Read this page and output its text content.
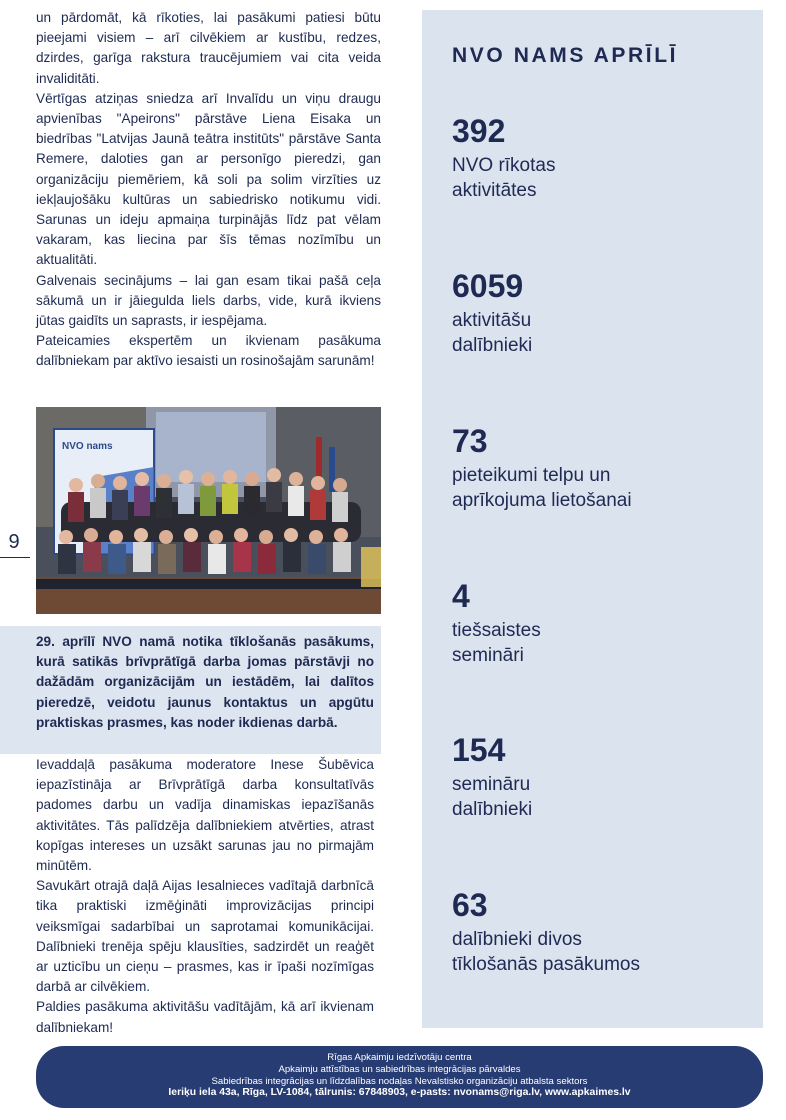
un pārdomāt, kā rīkoties, lai pasākumi patiesi būtu pieejami visiem – arī cilvēkiem ar kustību, redzes, dzirdes, garīga rakstura traucējumiem vai cita veida invaliditāti.

Vērtīgas atziņas sniedza arī Invalīdu un viņu draugu apvienības "Apeirons" pārstāve Liena Eisaka un biedrības "Latvijas Jaunā teātra institūts" pārstāve Santa Remere, daloties gan ar personīgo pieredzi, gan organizāciju piemēriem, kā soli pa solim virzīties uz iekļaujošāku kultūras un sabiedrisko notikumu vidi. Sarunas un ideju apmaiņa turpinājās līdz pat vēlam vakaram, kas liecina par šīs tēmas nozīmību un aktualitāti.

Galvenais secinājums – lai gan esam tikai pašā ceļa sākumā un ir jāiegulda liels darbs, vide, kurā ikviens jūtas gaidīts un saprasts, ir iespējama.

Pateicamies ekspertēm un ikvienam pasākuma dalībniekam par aktīvo iesaisti un rosinošajām sarunām!

NVO nams
9

29. aprīlī NVO namā notika tīklošanās pasākums, kurā satikās brīvprātīgā darba jomas pārstāvji no dažādām organizācijām un iestādēm, lai dalītos pieredzē, veidotu jaunus kontaktus un apgūtu praktiskas prasmes, kas noder ikdienas darbā.

Ievaddaļā pasākuma moderatore Inese Šubēvica iepazīstināja ar Brīvprātīgā darba konsultatīvās padomes darbu un vadīja dinamiskas iepazīšanās aktivitātes. Tās palīdzēja dalībniekiem atvērties, atrast kopīgas intereses un uzsākt sarunas jau no pirmajām minūtēm.

Savukārt otrajā daļā Aijas Iesalnieces vadītajā darbnīcā tika praktiski izmēģināti improvizācijas principi veiksmīgai sadarbībai un saprotamai komunikācijai. Dalībnieki trenēja spēju klausīties, sadzirdēt un reaģēt ar uzticību un cieņu – prasmes, kas ir īpaši nozīmīgas darbā ar cilvēkiem.

Paldies pasākuma aktivitāšu vadītājām, kā arī ikvienam dalībniekam!

NVO NAMS APRĪLĪ
392
NVO rīkotas aktivitātes
6059
aktivitāšu dalībnieki
73
pieteikumi telpu un aprīkojuma lietošanai
4
tiešsaistes semināri
154
semināru dalībnieki
63
dalībnieki divos tīklošanās pasākumos
Rīgas Apkaimju iedzīvotāju centra
Apkaimju attīstības un sabiedrības integrācijas pārvaldes
Sabiedrības integrācijas un līdzdalības nodaļas Nevalstisko organizāciju atbalsta sektors
Ieriķu iela 43a, Rīga, LV-1084, tālrunis: 67848903, e-pasts: nvonams@riga.lv, www.apkaimes.lv
